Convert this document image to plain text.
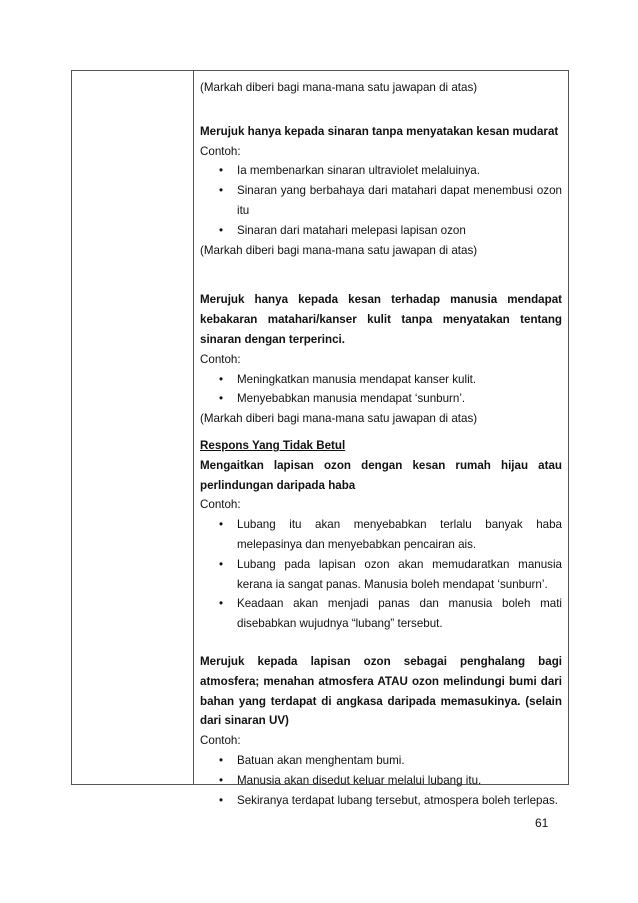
(Markah diberi bagi mana-mana satu jawapan di atas)

Merujuk hanya kepada sinaran tanpa menyatakan kesan mudarat

Contoh:

• Ia membenarkan sinaran ultraviolet melaluinya.
• Sinaran yang berbahaya dari matahari dapat menembusi ozon itu
• Sinaran dari matahari melepasi lapisan ozon

(Markah diberi bagi mana-mana satu jawapan di atas)

Merujuk hanya kepada kesan terhadap manusia mendapat kebakaran matahari/kanser kulit tanpa menyatakan tentang sinaran dengan terperinci.

Contoh:

• Meningkatkan manusia mendapat kanser kulit.
• Menyebabkan manusia mendapat ‘sunburn’.

(Markah diberi bagi mana-mana satu jawapan di atas)

Respons Yang Tidak Betul

Mengaitkan lapisan ozon dengan kesan rumah hijau atau perlindungan daripada haba

Contoh:

• Lubang itu akan menyebabkan terlalu banyak haba melepasinya dan menyebabkan pencairan ais.
• Lubang pada lapisan ozon akan memudaratkan manusia kerana ia sangat panas. Manusia boleh mendapat ‘sunburn’.
• Keadaan akan menjadi panas dan manusia boleh mati disebabkan wujudnya “lubang” tersebut.

Merujuk kepada lapisan ozon sebagai penghalang bagi atmosfera; menahan atmosfera ATAU ozon melindungi bumi dari bahan yang terdapat di angkasa daripada memasukinya. (selain dari sinaran UV)

Contoh:

• Batuan akan menghentam bumi.
• Manusia akan disedut keluar melalui lubang itu.
• Sekiranya terdapat lubang tersebut, atmospera boleh terlepas.
61
